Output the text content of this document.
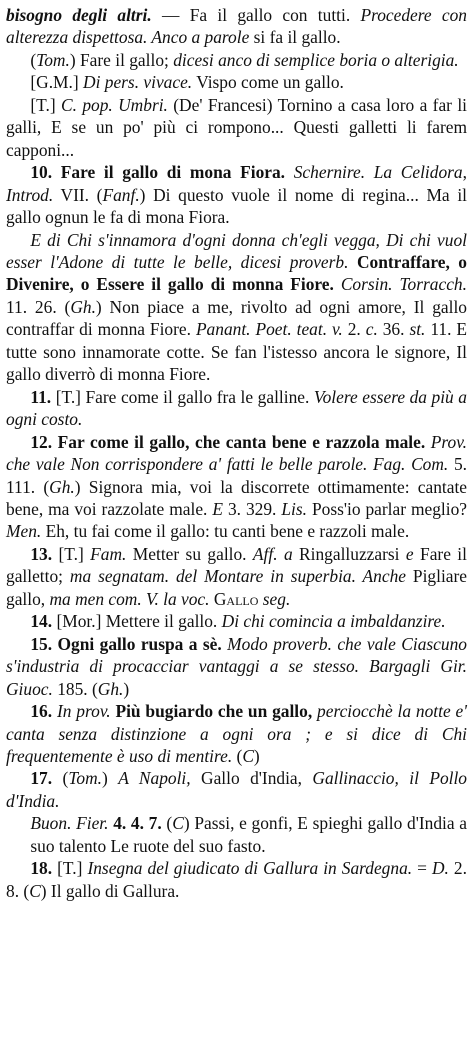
bisogno degli altri. — Fa il gallo con tutti. Procedere con alterezza dispettosa. Anco a parole si fa il gallo.

(Tom.) Fare il gallo; dicesi anco di semplice boria o alterigia.

[G.M.] Di pers. vivace. Vispo come un gallo.

[T.] C. pop. Umbri. (De' Francesi) Tornino a casa loro a far li galli, E se un po' più ci rompono... Questi galletti li farem capponi...

10. Fare il gallo di mona Fiora. Schernire. La Celidora, Introd. VII. (Fanf.) Di questo vuole il nome di regina... Ma il gallo ognun le fa di mona Fiora.

E di Chi s'innamora d'ogni donna ch'egli vegga, Di chi vuol esser l'Adone di tutte le belle, dicesi proverb. Contraffare, o Divenire, o Essere il gallo di monna Fiore. Corsin. Torracch. 11. 26. (Gh.) Non piace a me, rivolto ad ogni amore, Il gallo contraffar di monna Fiore. Panant. Poet. teat. v. 2. c. 36. st. 11. E tutte sono innamorate cotte. Se fan l'istesso ancora le signore, Il gallo diverrò di monna Fiore.

11. [T.] Fare come il gallo fra le galline. Volere essere da più a ogni costo.

12. Far come il gallo, che canta bene e razzola male. Prov. che vale Non corrispondere a' fatti le belle parole. Fag. Com. 5. 111. (Gh.) Signora mia, voi la discorrete ottimamente: cantate bene, ma voi razzolate male. E 3. 329. Lis. Poss'io parlar meglio? Men. Eh, tu fai come il gallo: tu canti bene e razzoli male.

13. [T.] Fam. Metter su gallo. Aff. a Ringalluzzarsi e Fare il galletto; ma segnatam. del Montare in superbia. Anche Pigliare gallo, ma men com. V. la voc. Gallo seg.

14. [Mor.] Mettere il gallo. Di chi comincia a imbaldanzire.

15. Ogni gallo ruspa a sè. Modo proverb. che vale Ciascuno s'industria di procacciar vantaggi a se stesso. Bargagli Gir. Giuoc. 185. (Gh.)

16. In prov. Più bugiardo che un gallo, perciocchè la notte e' canta senza distinzione a ogni ora ; e si dice di Chi frequentemente è uso di mentire. (C)

17. (Tom.) A Napoli, Gallo d'India, Gallinaccio, il Pollo d'India.

Buon. Fier. 4. 4. 7. (C) Passi, e gonfi, E spieghi gallo d'India a suo talento Le ruote del suo fasto.

18. [T.] Insegna del giudicato di Gallura in Sardegna. = D. 2. 8. (C) Il gallo di Gallura.
